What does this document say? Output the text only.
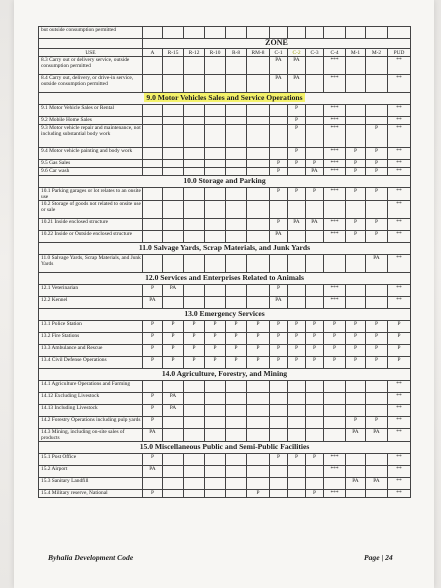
but outside consumption permitted													
	ZONE												
USE	A	R-15	R-12	R-10	R-8	RM-8	C-1	C-2	C-3	C-4	M-1	M-2	PUD
8.3 Carry out or delivery service, outside consumption permitted							PA	PA		***			**
8.4 Carry out, delivery, or drive-in service, outside consumption permitted							PA	PA		***			**
9.0 Motor Vehicles Sales and Service Operations													
9.1 Motor Vehicle Sales or Rental								P		***			**
9.2 Mobile Home Sales								P		***			**
9.3 Motor vehicle repair and maintenance, not including substantial body work								P		***		P	**
9.4 Motor vehicle painting and body work								P		***	P	P	**
9.5 Gas Sales							P	P	P	***	P	P	**
9.6 Car wash							P		PA	***	P	P	**
10.0 Storage and Parking													
10.1 Parking garages or lot relates to an onsite use							P	P	P	***	P	P	**
10.2 Storage of goods not related to onsite use or sale													**
10.21 Inside enclosed structure							P	PA	PA	***	P	P	**
10.22 Inside or Outside enclosed structure							PA			***	P	P	**
11.0 Salvage Yards, Scrap Materials, and Junk Yards													
11.0 Salvage Yards, Scrap Materials, and Junk Yards												PA	**
12.0 Services and Enterprises Related to Animals													
12.1 Veterinarian	P	PA					P			***			**
12.2 Kennel	PA						PA			***			**
13.0 Emergency Services													
13.1 Police Station	P	P	P	P	P	P	P	P	P	P	P	P	P
13.2 Fire Stations	P	P	P	P	P	P	P	P	P	P	P	P	P
13.3 Ambulance and Rescue	P	P	P	P	P	P	P	P	P	P	P	P	P
13.4 Civil Defense Operations	P	P	P	P	P	P	P	P	P	P	P	P	P
14.0 Agriculture, Forestry, and Mining													
14.1 Agriculture Operations and Farming													**
14.12 Excluding Livestock	P	PA											**
14.13 Including Livestock	P	PA											**
14.2 Forestry Operations including pulp yards	P										P	P	**
14.3 Mining, including on-site sales of products	PA										PA	PA	**
15.0 Miscellaneous Public and Semi-Public Facilities													
15.1 Post Office	P						P	P	P	***			**
15.2 Airport	PA									***			**
15.3 Sanitary Landfill											PA	PA	**
15.4 Military reserve, National	P					P			P	***			**
Byhalia Development Code	Page | 24
